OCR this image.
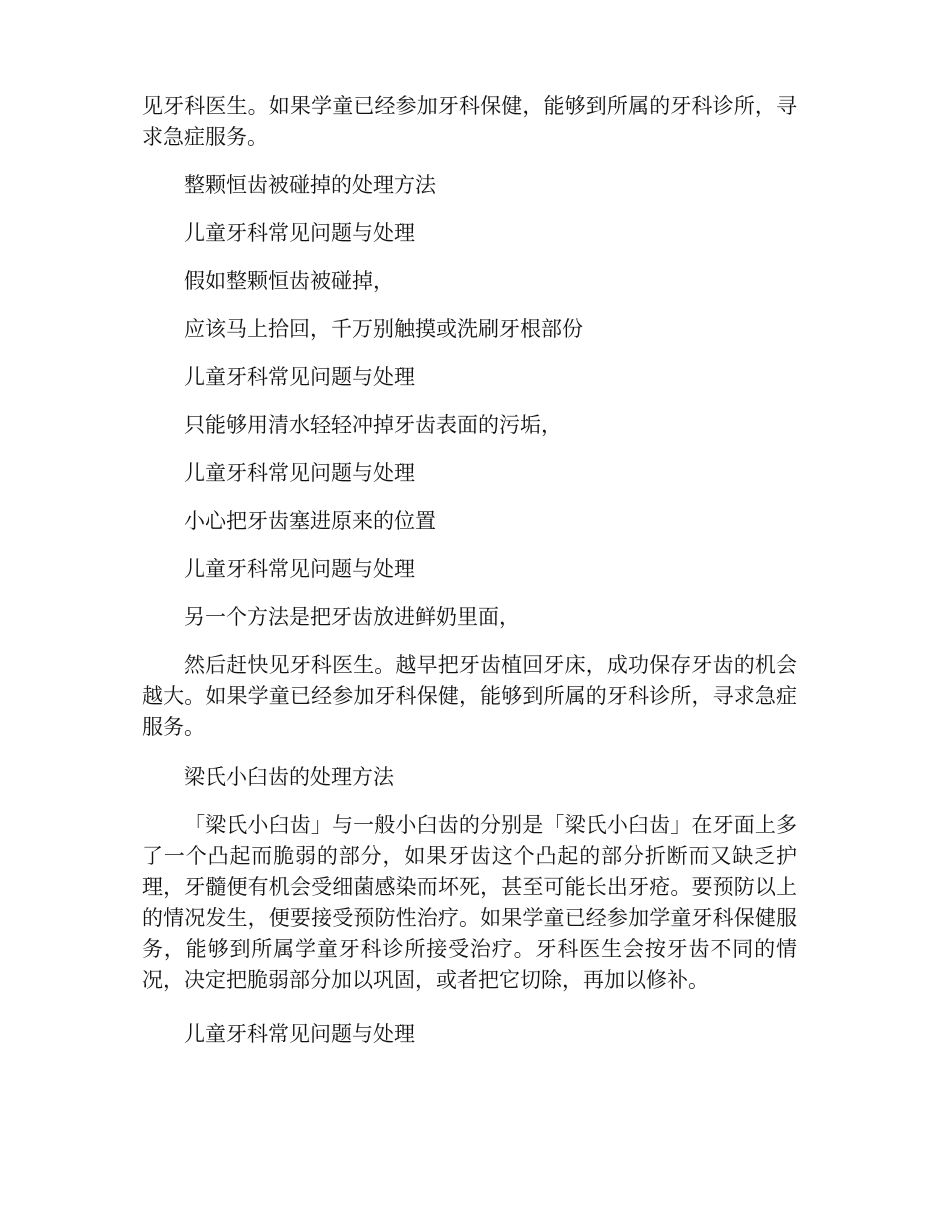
见牙科医生。如果学童已经参加牙科保健，能够到所属的牙科诊所，寻求急症服务。

整颗恒齿被碰掉的处理方法

儿童牙科常见问题与处理

假如整颗恒齿被碰掉，

应该马上拾回，千万别触摸或洗刷牙根部份

儿童牙科常见问题与处理

只能够用清水轻轻冲掉牙齿表面的污垢，

儿童牙科常见问题与处理

小心把牙齿塞进原来的位置

儿童牙科常见问题与处理

另一个方法是把牙齿放进鲜奶里面，

然后赶快见牙科医生。越早把牙齿植回牙床，成功保存牙齿的机会越大。如果学童已经参加牙科保健，能够到所属的牙科诊所，寻求急症服务。

梁氏小臼齿的处理方法

「梁氏小臼齿」与一般小臼齿的分别是「梁氏小臼齿」在牙面上多了一个凸起而脆弱的部分，如果牙齿这个凸起的部分折断而又缺乏护理，牙髓便有机会受细菌感染而坏死，甚至可能长出牙疮。要预防以上的情况发生，便要接受预防性治疗。如果学童已经参加学童牙科保健服务，能够到所属学童牙科诊所接受治疗。牙科医生会按牙齿不同的情况，决定把脆弱部分加以巩固，或者把它切除，再加以修补。

儿童牙科常见问题与处理
